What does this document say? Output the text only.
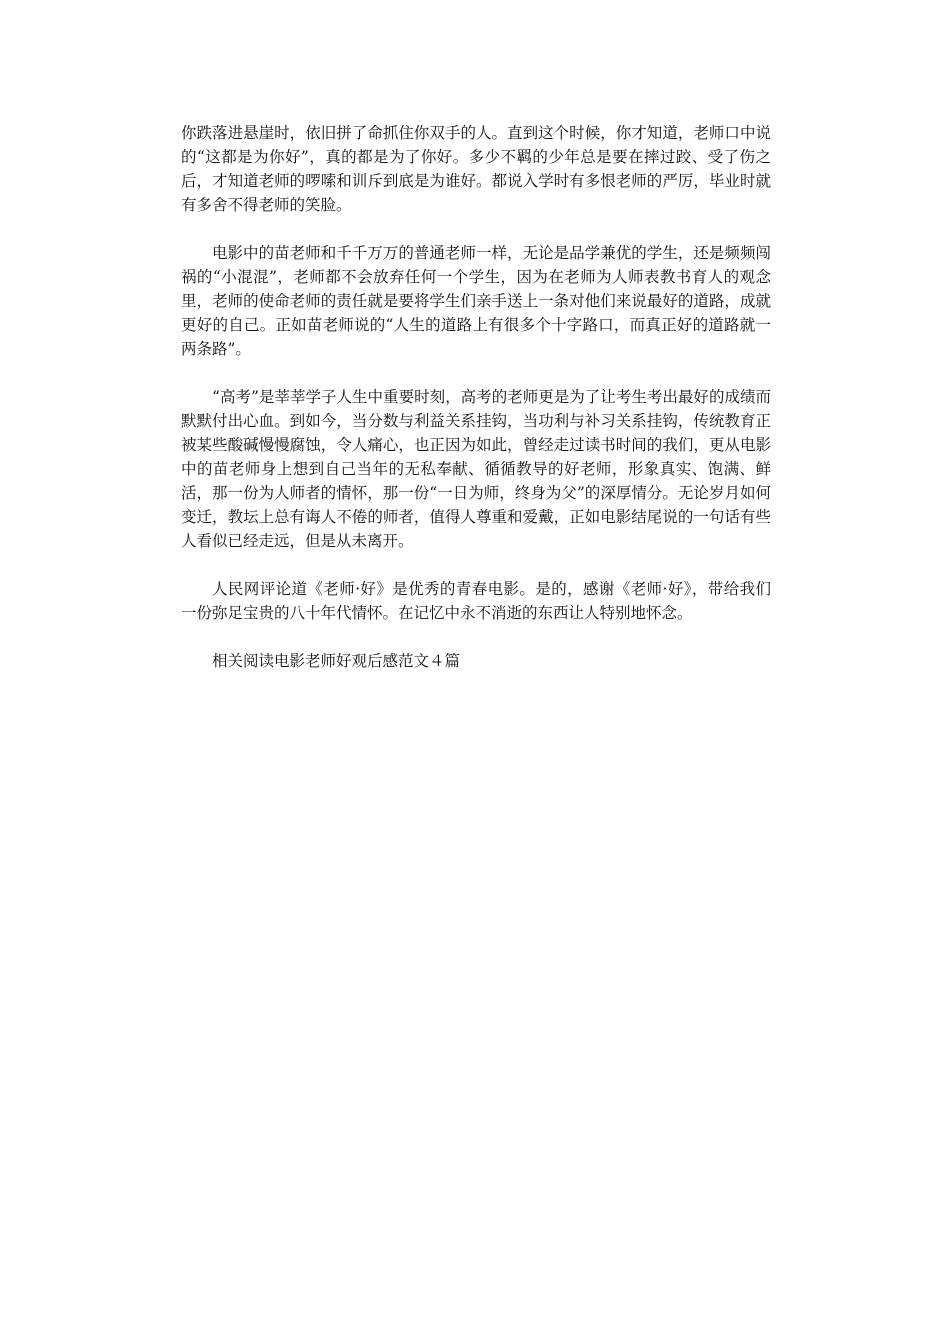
你跌落进悬崖时，依旧拼了命抓住你双手的人。直到这个时候，你才知道，老师口中说的“这都是为你好”，真的都是为了你好。多少不羁的少年总是要在摔过跤、受了伤之后，才知道老师的啰嗦和训斥到底是为谁好。都说入学时有多恨老师的严厉，毕业时就有多舍不得老师的笑脸。

电影中的苗老师和千千万万的普通老师一样，无论是品学兼优的学生，还是频频闯祸的“小混混”，老师都不会放弃任何一个学生，因为在老师为人师表教书育人的观念里，老师的使命老师的责任就是要将学生们亲手送上一条对他们来说最好的道路，成就更好的自己。正如苗老师说的“人生的道路上有很多个十字路口，而真正好的道路就一两条路”。

“高考”是莘莘学子人生中重要时刻，高考的老师更是为了让考生考出最好的成绩而默默付出心血。到如今，当分数与利益关系挂钩，当功利与补习关系挂钩，传统教育正被某些酸碱慢慢腐蚀，令人痛心，也正因为如此，曾经走过读书时间的我们，更从电影中的苗老师身上想到自己当年的无私奉献、循循教导的好老师，形象真实、饱满、鲜活，那一份为人师者的情怀，那一份“一日为师，终身为父”的深厚情分。无论岁月如何变迁，教坛上总有诲人不倦的师者，值得人尊重和爱戴，正如电影结尾说的一句话有些人看似已经走远，但是从未离开。

人民网评论道《老师·好》是优秀的青春电影。是的，感谢《老师·好》，带给我们一份弥足宝贵的八十年代情怀。在记忆中永不消逝的东西让人特别地怀念。

相关阅读电影老师好观后感范文４篇
